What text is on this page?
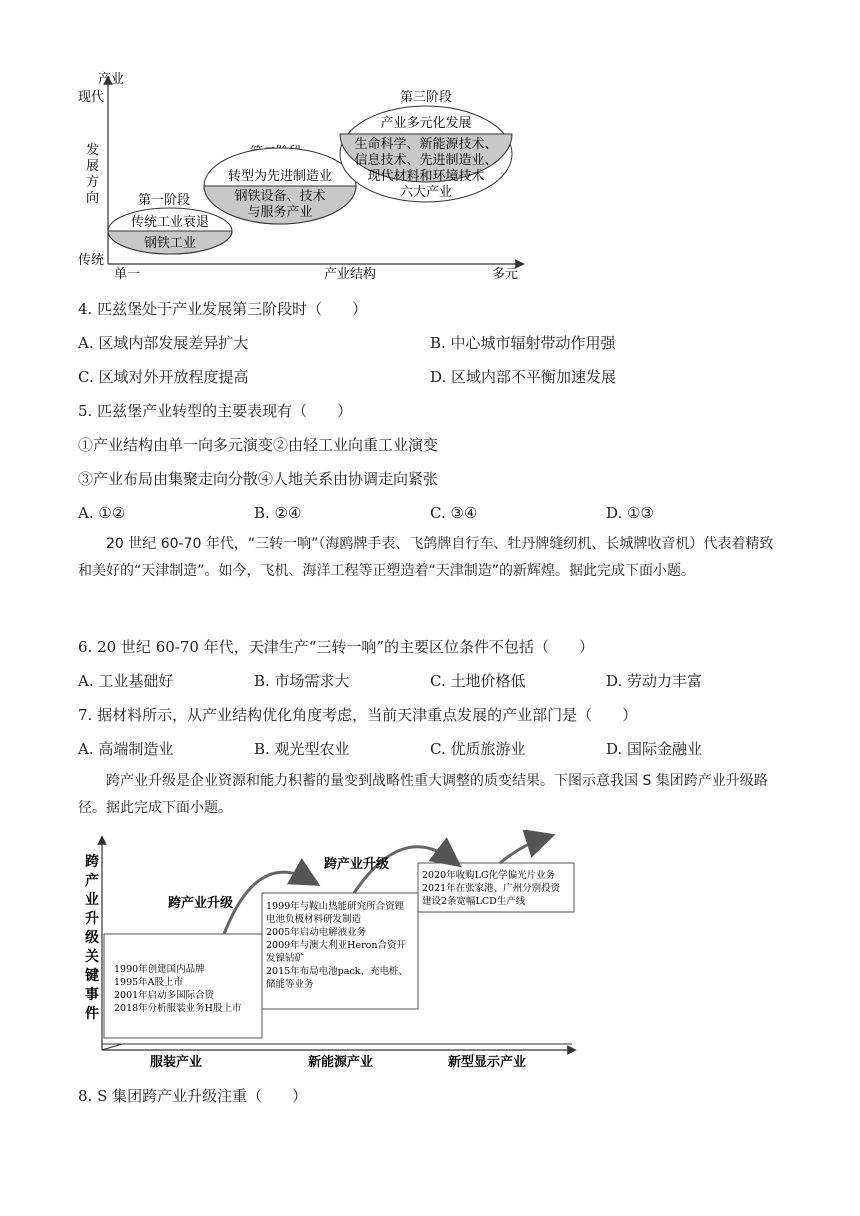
产业
现代
发
展
方
向
传统
单一	产业结构	多元
第一阶段
传统工业衰退
钢铁工业
转型为先进制造业
钢铁设备、技术
与服务产业
第三阶段
产业多元化发展
生命科学、新能源技术、
信息技术、先进制造业、
现代材料和环境技术
六大产业
4. 匹兹堡处于产业发展第三阶段时（　　）
A. 区域内部发展差异扩大	B. 中心城市辐射带动作用强
C. 区域对外开放程度提高	D. 区域内部不平衡加速发展
5. 匹兹堡产业转型的主要表现有（　　）
①产业结构由单一向多元演变②由轻工业向重工业演变
③产业布局由集聚走向分散④人地关系由协调走向紧张
A. ①②	B. ②④	C. ③④	D. ①③
20 世纪 60-70 年代，“三转一响”（海鸥牌手表、飞鸽牌自行车、牡丹牌缝纫机、长城牌收音机）代表着精致和美好的“天津制造”。如今，飞机、海洋工程等正塑造着“天津制造”的新辉煌。据此完成下面小题。
6. 20 世纪 60-70 年代，天津生产“三转一响”的主要区位条件不包括（　　）
A. 工业基础好	B. 市场需求大	C. 土地价格低	D. 劳动力丰富
7. 据材料所示，从产业结构优化角度考虑，当前天津重点发展的产业部门是（　　）
A. 高端制造业	B. 观光型农业	C. 优质旅游业	D. 国际金融业
跨产业升级是企业资源和能力积蓄的量变到战略性重大调整的质变结果。下图示意我国 S 集团跨产业升级路径。据此完成下面小题。
跨
产
业
升
级
关
键
事
件
1990年创建国内品牌
1995年A股上市
2001年启动多国际合资
2018年分析服装业务H股上市
1999年与鞍山热能研究所合资锂
电池负极材料研发制造
2005年启动电解液业务
2009年与澳大利亚Heron合资开
发镍钴矿
2015年布局电池pack、充电桩、
储能等业务
2020年收购LG化学偏光片业务
2021年在张家港、广州分别投资
建设2条宽幅LCD生产线
跨产业升级
跨产业升级
服装产业	新能源产业	新型显示产业
8. S 集团跨产业升级注重（　　）
